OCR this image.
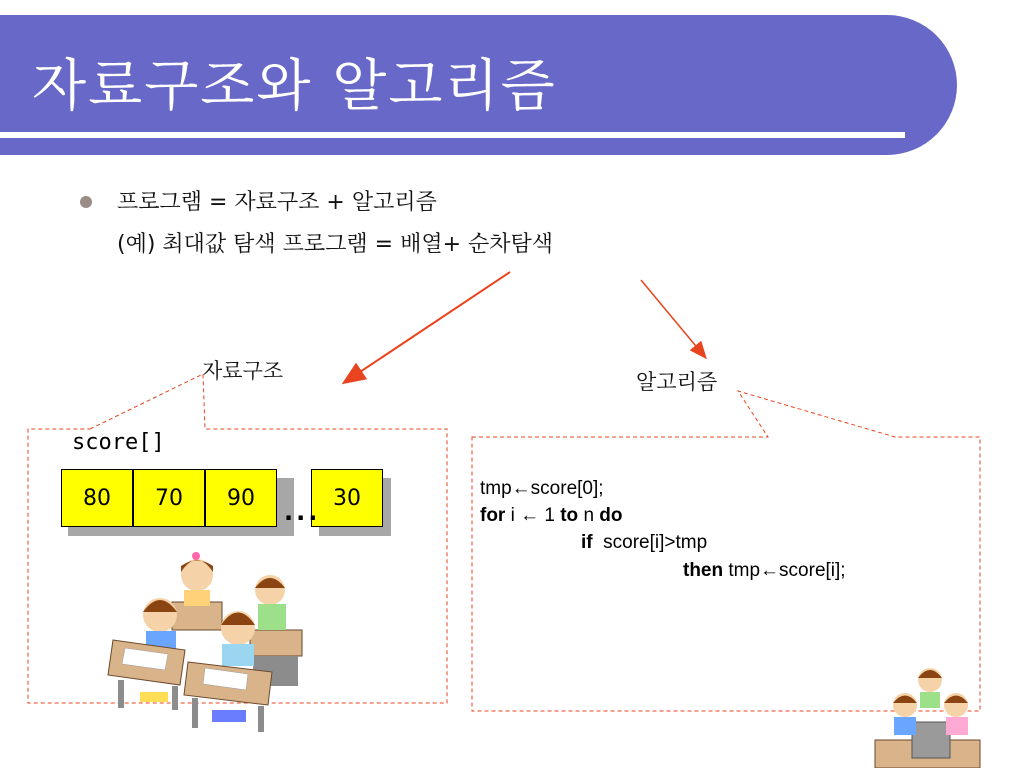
자료구조와 알고리즘
프로그램 = 자료구조 + 알고리즘
(예) 최대값 탐색 프로그램 = 배열+ 순차탐색
자료구조	알고리즘
score[]
80	70	90	30
...
tmp←score[0];
for i ← 1 to n do
if  score[i]>tmp
then tmp←score[i];
